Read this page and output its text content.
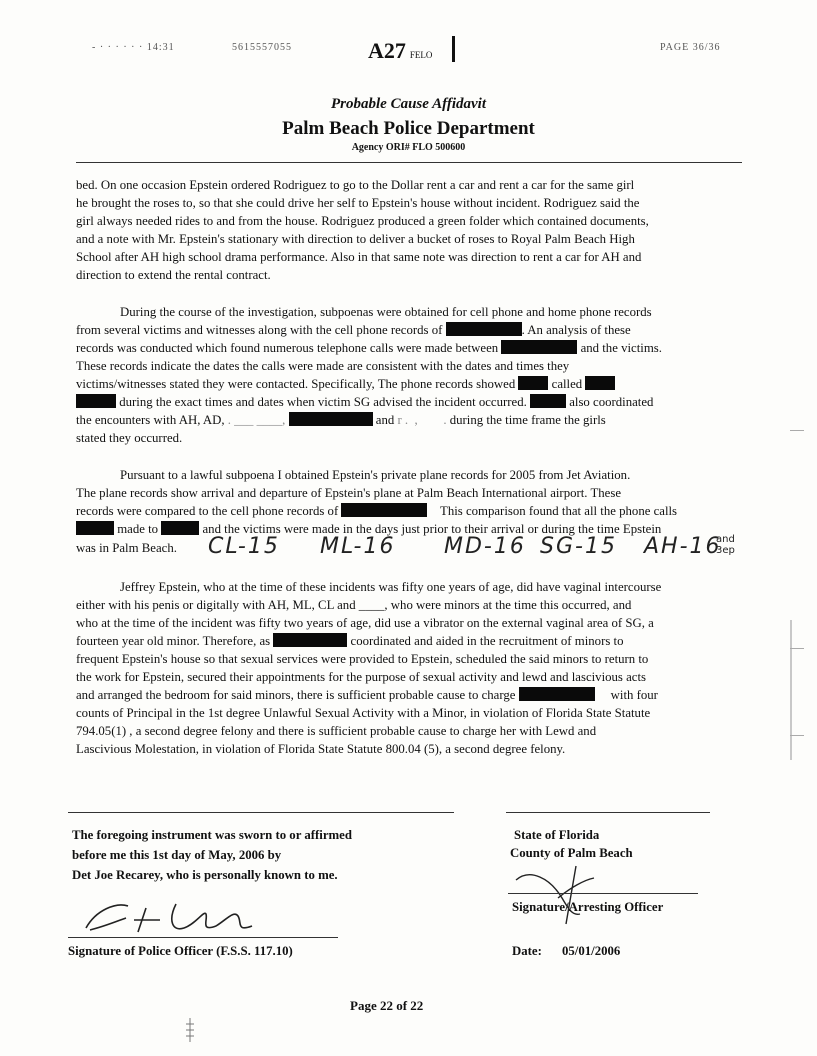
- · · · · · · 14:31	5615557055	A27 FELO
PAGE 36/36
Probable Cause Affidavit
Palm Beach Police Department
Agency ORI# FLO 500600
bed. On one occasion Epstein ordered Rodriguez to go to the Dollar rent a car and rent a car for the same girl
he brought the roses to, so that she could drive her self to Epstein's house without incident. Rodriguez said the
girl always needed rides to and from the house. Rodriguez produced a green folder which contained documents,
and a note with Mr. Epstein's stationary with direction to deliver a bucket of roses to Royal Palm Beach High
School after AH high school drama performance. Also in that same note was direction to rent a car for AH and
direction to extend the rental contract.
During the course of the investigation, subpoenas were obtained for cell phone and home phone records
from several victims and witnesses along with the cell phone records of	. An analysis of these
records was conducted which found numerous telephone calls were made between	and the victims.
These records indicate the dates the calls were made are consistent with the dates and times they
victims/witnesses stated they were contacted. Specifically, The phone records showed	called
during the exact times and dates when victim SG advised the incident occurred.	also coordinated
the encounters with AH, AD, . ___ ____,	and r .  ,        . during the time frame the girls
stated they occurred.
Pursuant to a lawful subpoena I obtained Epstein's private plane records for 2005 from Jet Aviation.
The plane records show arrival and departure of Epstein's plane at Palm Beach International airport. These
records were compared to the cell phone records of	This comparison found that all the phone calls
made to	and the victims were made in the days just prior to their arrival or during the time Epstein
was in Palm Beach.	CL-15 ML-16 MD-16 SG-15 AH-16
and 3ep
Jeffrey Epstein, who at the time of these incidents was fifty one years of age, did have vaginal intercourse
either with his penis or digitally with AH, ML, CL and ____, who were minors at the time this occurred, and
who at the time of the incident was fifty two years of age, did use a vibrator on the external vaginal area of SG, a
fourteen year old minor. Therefore, as	coordinated and aided in the recruitment of minors to
frequent Epstein's house so that sexual services were provided to Epstein, scheduled the said minors to return to
the work for Epstein, secured their appointments for the purpose of sexual activity and lewd and lascivious acts
and arranged the bedroom for said minors, there is sufficient probable cause to charge	with four
counts of Principal in the 1st degree Unlawful Sexual Activity with a Minor, in violation of Florida State Statute
794.05(1) , a second degree felony and there is sufficient probable cause to charge her with Lewd and
Lascivious Molestation, in violation of Florida State Statute 800.04 (5), a second degree felony.
The foregoing instrument was sworn to or affirmed
before me this 1st day of May, 2006 by
Det Joe Recarey, who is personally known to me.
Signature of Police Officer (F.S.S. 117.10)
State of Florida
County of Palm Beach
Signature/Arresting Officer
Date: 05/01/2006
Page 22 of 22
